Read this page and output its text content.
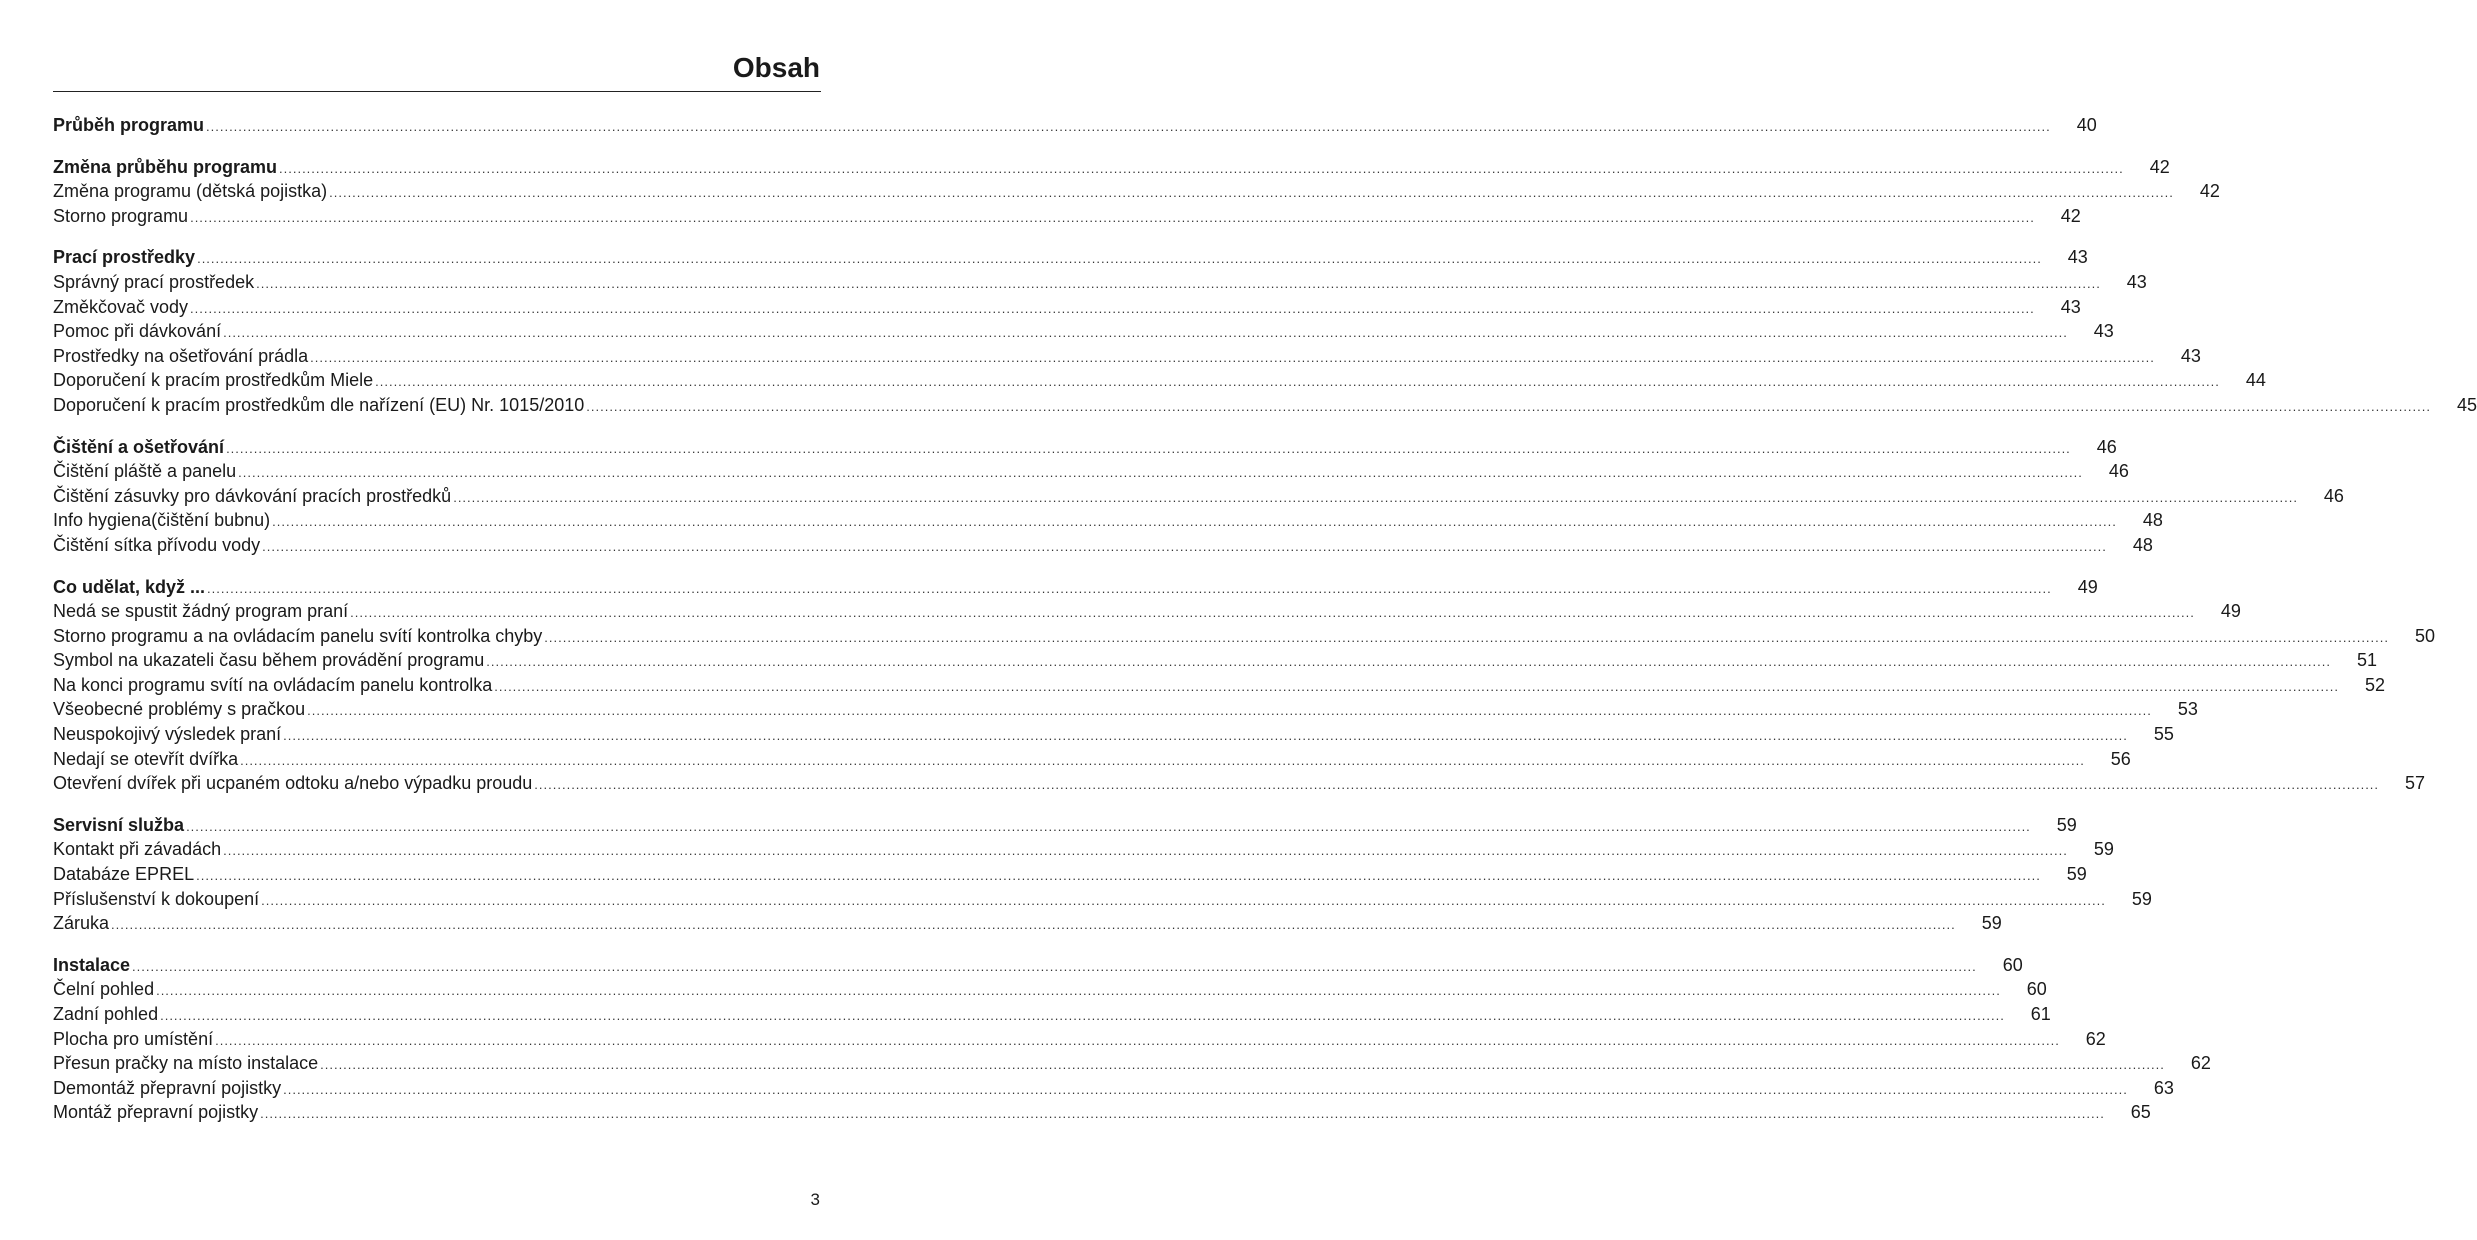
Obsah
Průběh programu ................................................................................................................................................................................................................................................................................................................................................................................................................	40
Změna průběhu programu ................................................................................................................................................................................................................................................................................................................................................................................................................	42
Změna programu (dětská pojistka) ................................................................................................................................................................................................................................................................................................................................................................................................................	42
Storno programu ................................................................................................................................................................................................................................................................................................................................................................................................................	42
Prací prostředky ................................................................................................................................................................................................................................................................................................................................................................................................................	43
Správný prací prostředek ................................................................................................................................................................................................................................................................................................................................................................................................................	43
Změkčovač vody ................................................................................................................................................................................................................................................................................................................................................................................................................	43
Pomoc při dávkování ................................................................................................................................................................................................................................................................................................................................................................................................................	43
Prostředky na ošetřování prádla ................................................................................................................................................................................................................................................................................................................................................................................................................	43
Doporučení k pracím prostředkům Miele ................................................................................................................................................................................................................................................................................................................................................................................................................	44
Doporučení k pracím prostředkům dle nařízení (EU) Nr. 1015/2010 ................................................................................................................................................................................................................................................................................................................................................................................................................	45
Čištění a ošetřování ................................................................................................................................................................................................................................................................................................................................................................................................................	46
Čištění pláště a panelu ................................................................................................................................................................................................................................................................................................................................................................................................................	46
Čištění zásuvky pro dávkování pracích prostředků ................................................................................................................................................................................................................................................................................................................................................................................................................	46
Info hygiena(čištění bubnu) ................................................................................................................................................................................................................................................................................................................................................................................................................	48
Čištění sítka přívodu vody ................................................................................................................................................................................................................................................................................................................................................................................................................	48
Co udělat, když ... ................................................................................................................................................................................................................................................................................................................................................................................................................	49
Nedá se spustit žádný program praní ................................................................................................................................................................................................................................................................................................................................................................................................................	49
Storno programu a na ovládacím panelu svítí kontrolka chyby ................................................................................................................................................................................................................................................................................................................................................................................................................	50
Symbol na ukazateli času během provádění programu ................................................................................................................................................................................................................................................................................................................................................................................................................	51
Na konci programu svítí na ovládacím panelu kontrolka ................................................................................................................................................................................................................................................................................................................................................................................................................	52
Všeobecné problémy s pračkou ................................................................................................................................................................................................................................................................................................................................................................................................................	53
Neuspokojivý výsledek praní ................................................................................................................................................................................................................................................................................................................................................................................................................	55
Nedají se otevřít dvířka ................................................................................................................................................................................................................................................................................................................................................................................................................	56
Otevření dvířek při ucpaném odtoku a/nebo výpadku proudu ................................................................................................................................................................................................................................................................................................................................................................................................................	57
Servisní služba ................................................................................................................................................................................................................................................................................................................................................................................................................	59
Kontakt při závadách ................................................................................................................................................................................................................................................................................................................................................................................................................	59
Databáze EPREL ................................................................................................................................................................................................................................................................................................................................................................................................................	59
Příslušenství k dokoupení ................................................................................................................................................................................................................................................................................................................................................................................................................	59
Záruka ................................................................................................................................................................................................................................................................................................................................................................................................................	59
Instalace ................................................................................................................................................................................................................................................................................................................................................................................................................	60
Čelní pohled ................................................................................................................................................................................................................................................................................................................................................................................................................	60
Zadní pohled ................................................................................................................................................................................................................................................................................................................................................................................................................	61
Plocha pro umístění ................................................................................................................................................................................................................................................................................................................................................................................................................	62
Přesun pračky na místo instalace ................................................................................................................................................................................................................................................................................................................................................................................................................	62
Demontáž přepravní pojistky ................................................................................................................................................................................................................................................................................................................................................................................................................	63
Montáž přepravní pojistky ................................................................................................................................................................................................................................................................................................................................................................................................................	65
3
